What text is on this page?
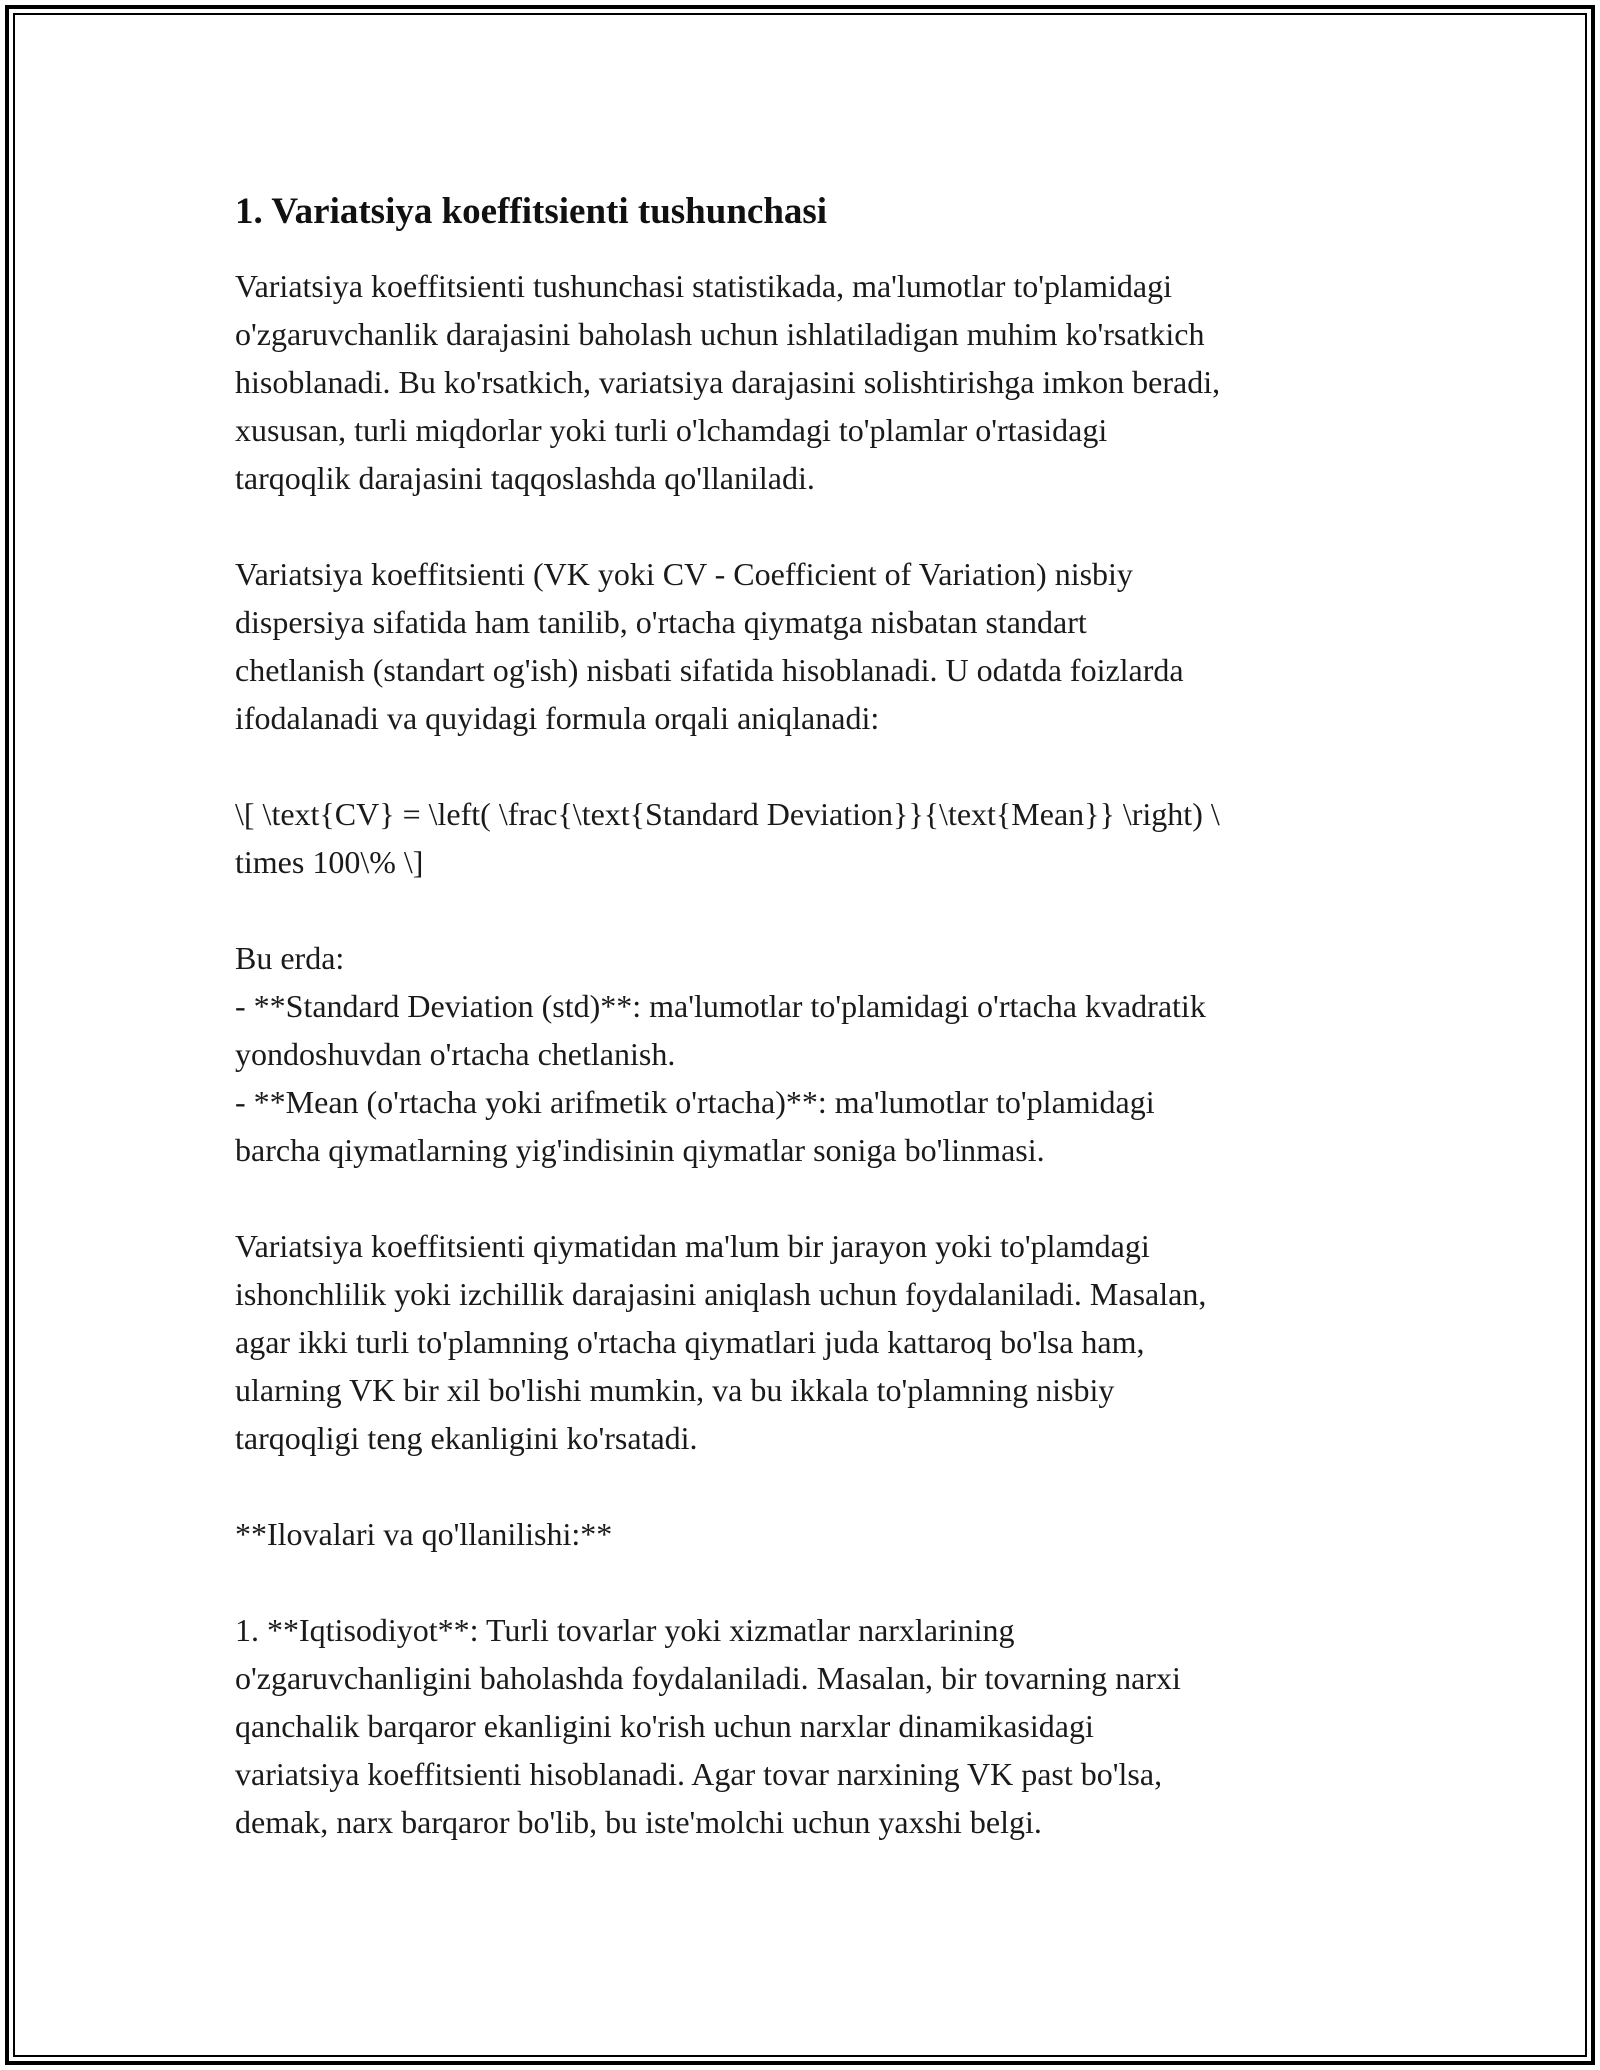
1. Variatsiya koeffitsienti tushunchasi

Variatsiya koeffitsienti tushunchasi statistikada, ma'lumotlar to'plamidagi
o'zgaruvchanlik darajasini baholash uchun ishlatiladigan muhim ko'rsatkich
hisoblanadi. Bu ko'rsatkich, variatsiya darajasini solishtirishga imkon beradi,
xususan, turli miqdorlar yoki turli o'lchamdagi to'plamlar o'rtasidagi
tarqoqlik darajasini taqqoslashda qo'llaniladi.

Variatsiya koeffitsienti (VK yoki CV - Coefficient of Variation) nisbiy
dispersiya sifatida ham tanilib, o'rtacha qiymatga nisbatan standart
chetlanish (standart og'ish) nisbati sifatida hisoblanadi. U odatda foizlarda
ifodalanadi va quyidagi formula orqali aniqlanadi:

\[ \text{CV} = \left( \frac{\text{Standard Deviation}}{\text{Mean}} \right) \
times 100\% \]

Bu erda:
- **Standard Deviation (std)**: ma'lumotlar to'plamidagi o'rtacha kvadratik
yondoshuvdan o'rtacha chetlanish.
- **Mean (o'rtacha yoki arifmetik o'rtacha)**: ma'lumotlar to'plamidagi
barcha qiymatlarning yig'indisinin qiymatlar soniga bo'linmasi.

Variatsiya koeffitsienti qiymatidan ma'lum bir jarayon yoki to'plamdagi
ishonchlilik yoki izchillik darajasini aniqlash uchun foydalaniladi. Masalan,
agar ikki turli to'plamning o'rtacha qiymatlari juda kattaroq bo'lsa ham,
ularning VK bir xil bo'lishi mumkin, va bu ikkala to'plamning nisbiy
tarqoqligi teng ekanligini ko'rsatadi.

**Ilovalari va qo'llanilishi:**

1. **Iqtisodiyot**: Turli tovarlar yoki xizmatlar narxlarining
o'zgaruvchanligini baholashda foydalaniladi. Masalan, bir tovarning narxi
qanchalik barqaror ekanligini ko'rish uchun narxlar dinamikasidagi
variatsiya koeffitsienti hisoblanadi. Agar tovar narxining VK past bo'lsa,
demak, narx barqaror bo'lib, bu iste'molchi uchun yaxshi belgi.
